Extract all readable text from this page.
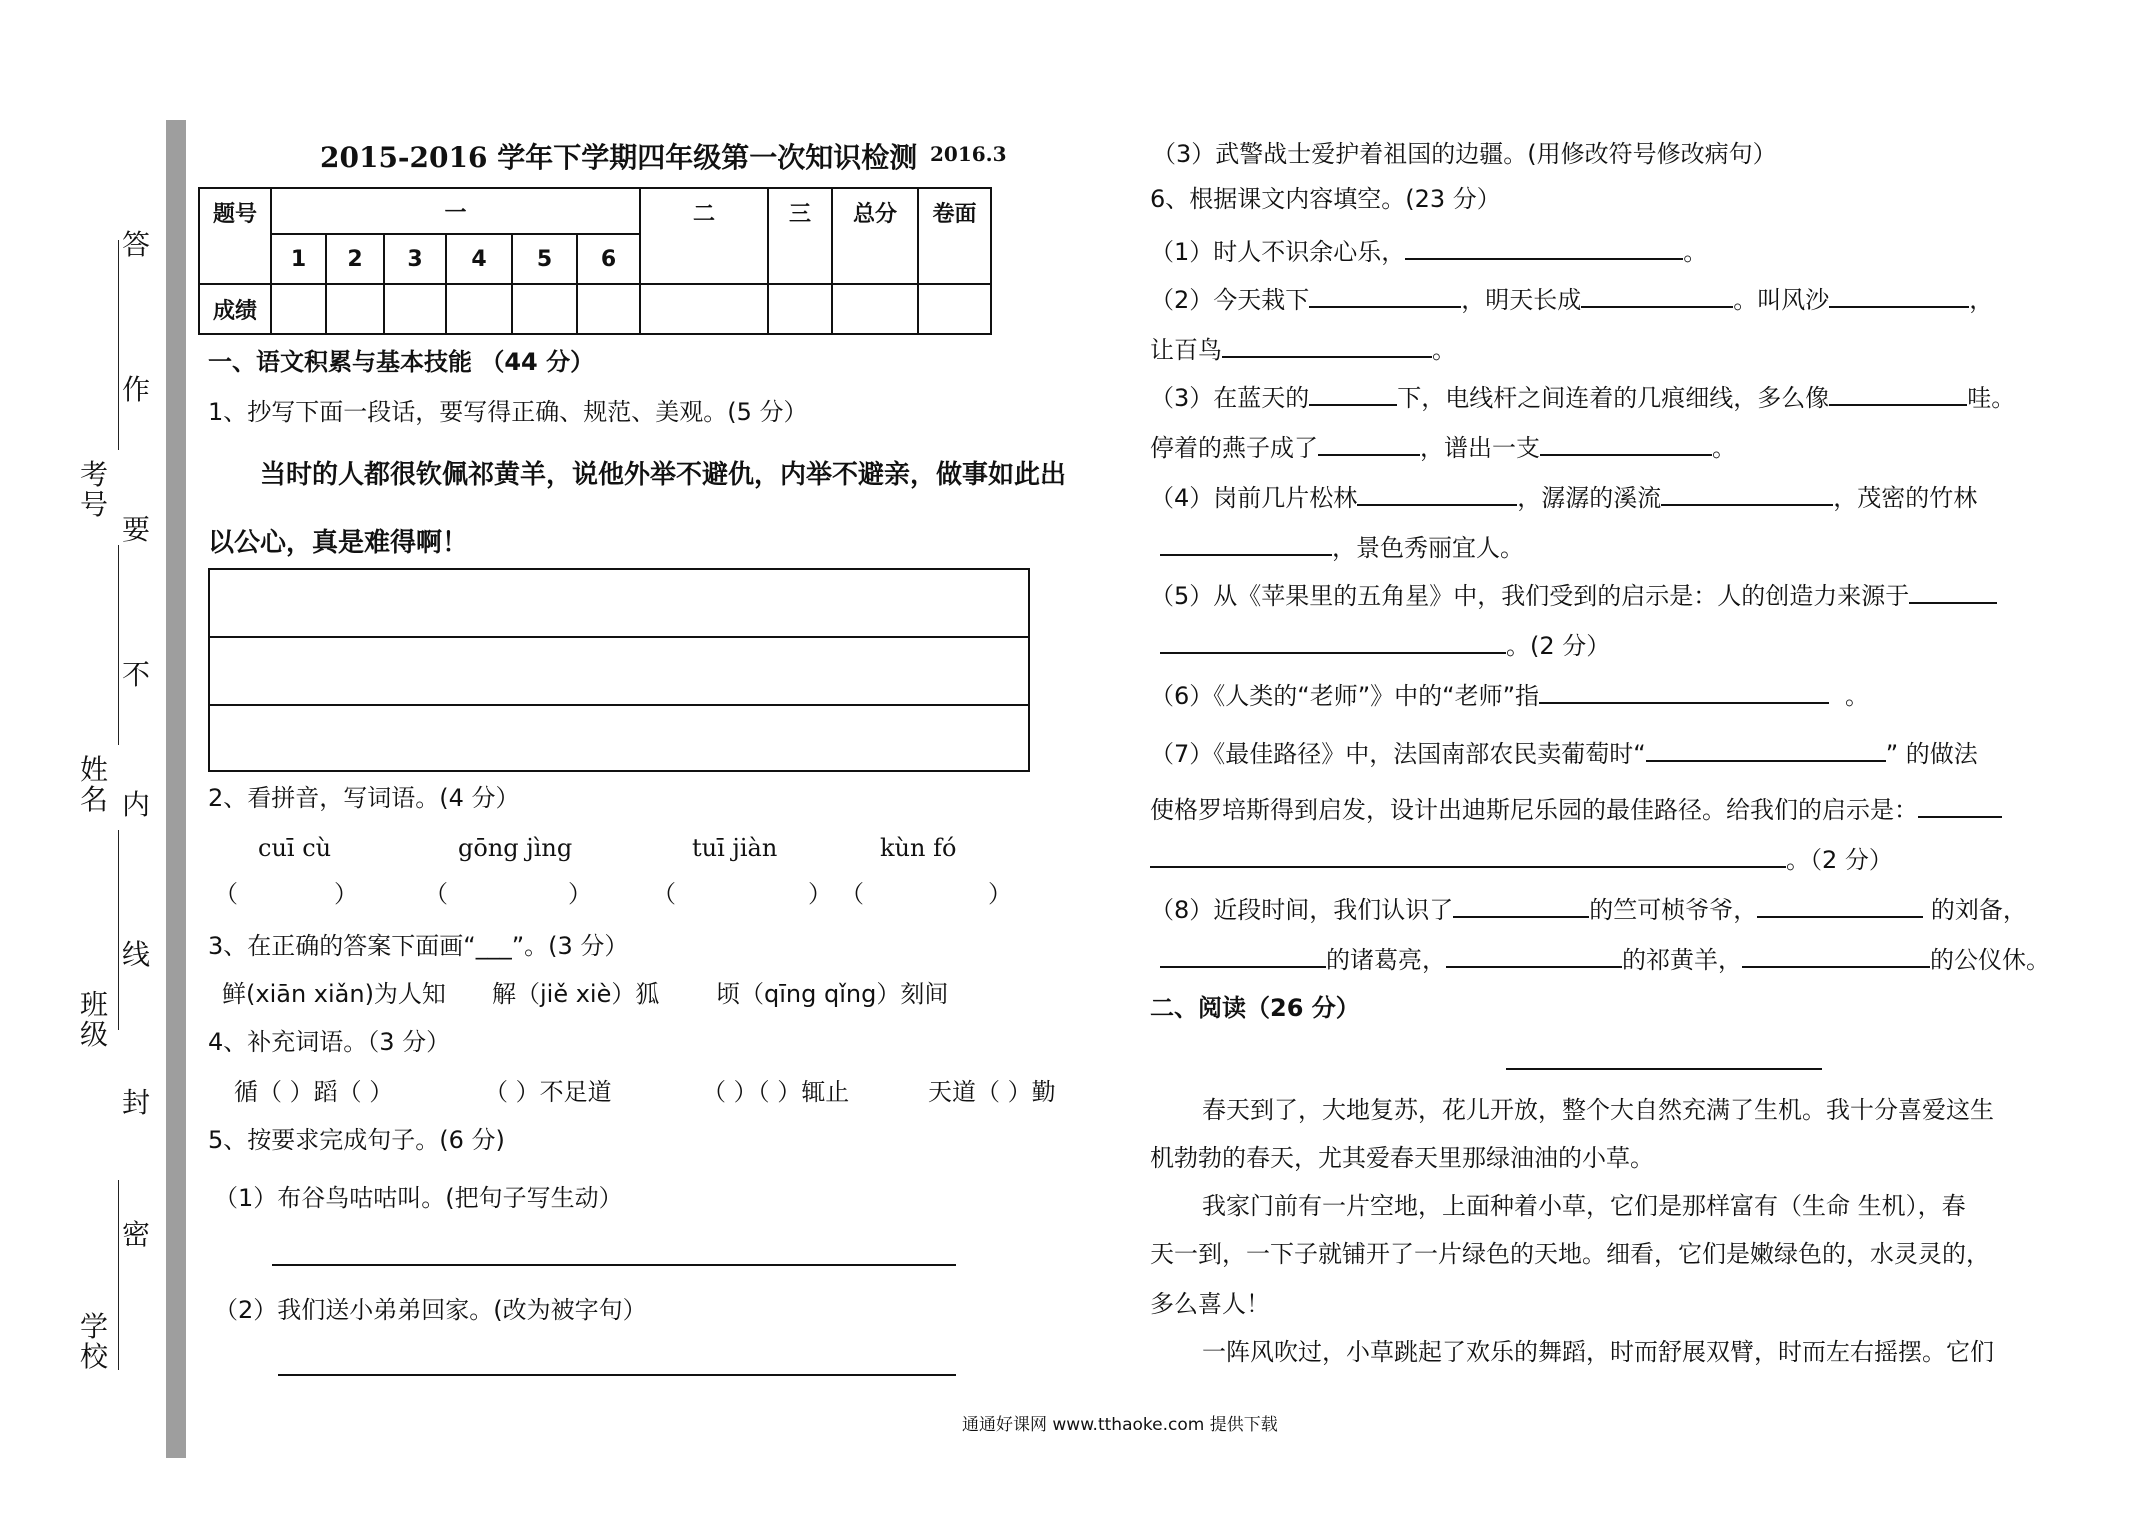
学校
班级
姓名
考号
答
作
要
不
内
线
封
密
2015-2016 学年下学期四年级第一次知识检测 2016.3
题号	一						二	三	总分	卷面
	1	2	3	4	5	6				
成绩										
一、语文积累与基本技能 （44 分）
1、抄写下面一段话，要写得正确、规范、美观。(5 分）
当时的人都很钦佩祁黄羊，说他外举不避仇，内举不避亲，做事如此出
以公心，真是难得啊！
2、看拼音，写词语。(4 分）
cuī cù	gōng jìng	tuī jiàn	kùn fó
（	）	（	）	（	） （	）
3、在正确的答案下面画“___”。(3 分）
鲜(xiān xiǎn)为人知 解（jiě xiè）狐 顷（qīng qǐng）刻间
4、补充词语。（3 分）
循（ ）蹈（ ）	（ ）不足道	（ ）（ ）辄止	天道（ ）勤
5、按要求完成句子。(6 分)
（1）布谷鸟咕咕叫。(把句子写生动）
（2）我们送小弟弟回家。(改为被字句）
（3）武警战士爱护着祖国的边疆。(用修改符号修改病句）
6、根据课文内容填空。(23 分）
（1）时人不识余心乐，	。
（2）今天栽下	，明天长成	。叫风沙	，
让百鸟	。
（3）在蓝天的	下，电线杆之间连着的几痕细线，多么像	哇。
停着的燕子成了	，谱出一支	。
（4）岗前几片松林	，潺潺的溪流	，茂密的竹林
，景色秀丽宜人。
（5）从《苹果里的五角星》中，我们受到的启示是：人的创造力来源于
。(2 分）
（6）《人类的“老师”》中的“老师”指	。
（7）《最佳路径》中，法国南部农民卖葡萄时“	” 的做法
使格罗培斯得到启发，设计出迪斯尼乐园的最佳路径。给我们的启示是：
。（2 分）
（8）近段时间，我们认识了	的竺可桢爷爷，	的刘备，
的诸葛亮，	的祁黄羊，	的公仪休。
二、阅读（26 分）
春天到了，大地复苏，花儿开放，整个大自然充满了生机。我十分喜爱这生
机勃勃的春天，尤其爱春天里那绿油油的小草。
我家门前有一片空地，上面种着小草，它们是那样富有（生命 生机），春
天一到，一下子就铺开了一片绿色的天地。细看，它们是嫩绿色的，水灵灵的，
多么喜人！
一阵风吹过，小草跳起了欢乐的舞蹈，时而舒展双臂，时而左右摇摆。它们
通通好课网 www.tthaoke.com 提供下载
